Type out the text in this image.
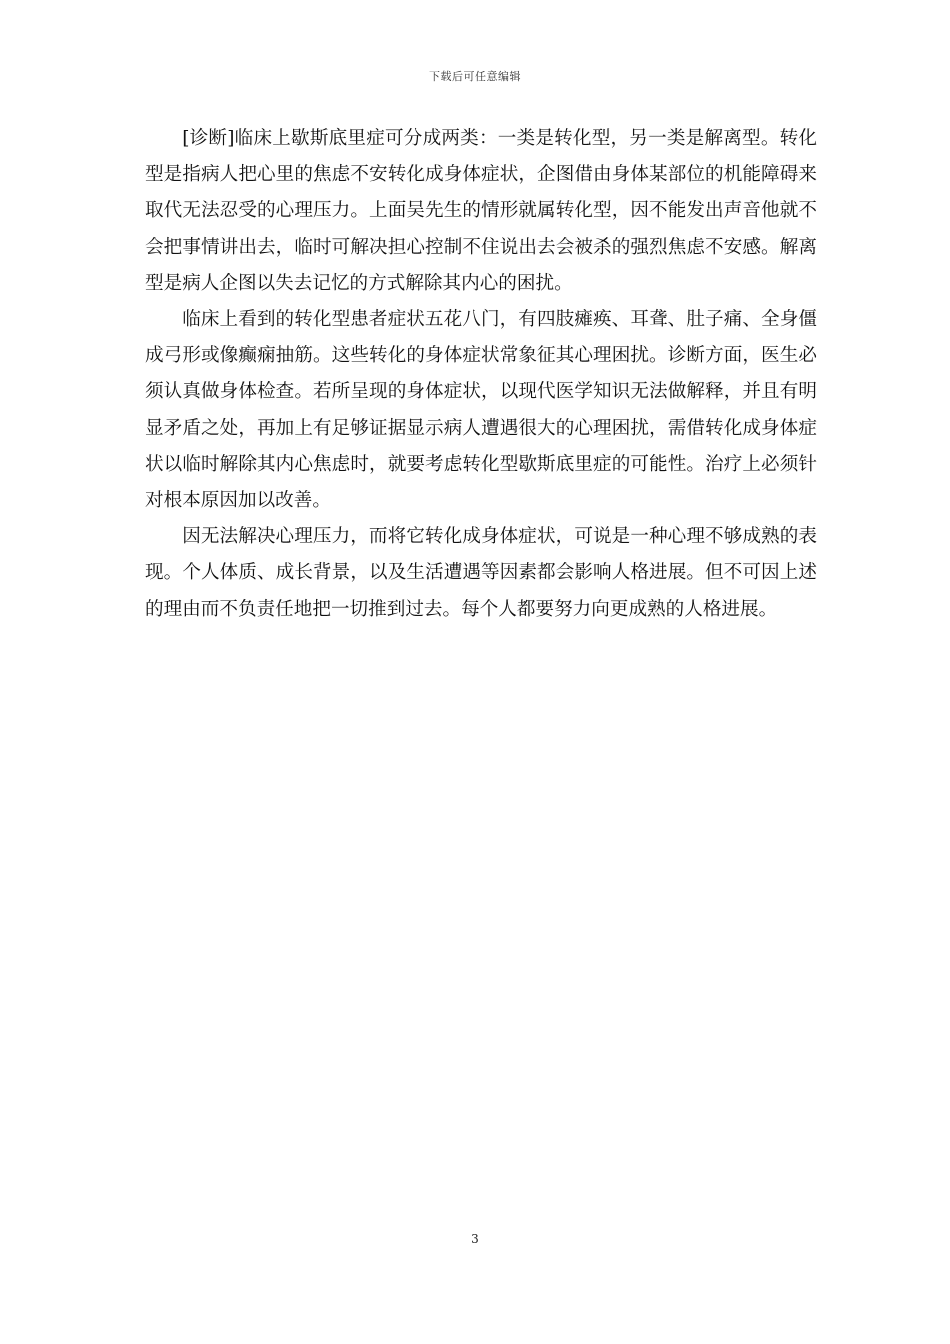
下载后可任意编辑

[诊断]临床上歇斯底里症可分成两类：一类是转化型，另一类是解离型。转化型是指病人把心里的焦虑不安转化成身体症状，企图借由身体某部位的机能障碍来取代无法忍受的心理压力。上面吴先生的情形就属转化型，因不能发出声音他就不会把事情讲出去，临时可解决担心控制不住说出去会被杀的强烈焦虑不安感。解离型是病人企图以失去记忆的方式解除其内心的困扰。

临床上看到的转化型患者症状五花八门，有四肢瘫痪、耳聋、肚子痛、全身僵成弓形或像癫痫抽筋。这些转化的身体症状常象征其心理困扰。诊断方面，医生必须认真做身体检查。若所呈现的身体症状，以现代医学知识无法做解释，并且有明显矛盾之处，再加上有足够证据显示病人遭遇很大的心理困扰，需借转化成身体症状以临时解除其内心焦虑时，就要考虑转化型歇斯底里症的可能性。治疗上必须针对根本原因加以改善。

因无法解决心理压力，而将它转化成身体症状，可说是一种心理不够成熟的表现。个人体质、成长背景，以及生活遭遇等因素都会影响人格进展。但不可因上述的理由而不负责任地把一切推到过去。每个人都要努力向更成熟的人格进展。

3
